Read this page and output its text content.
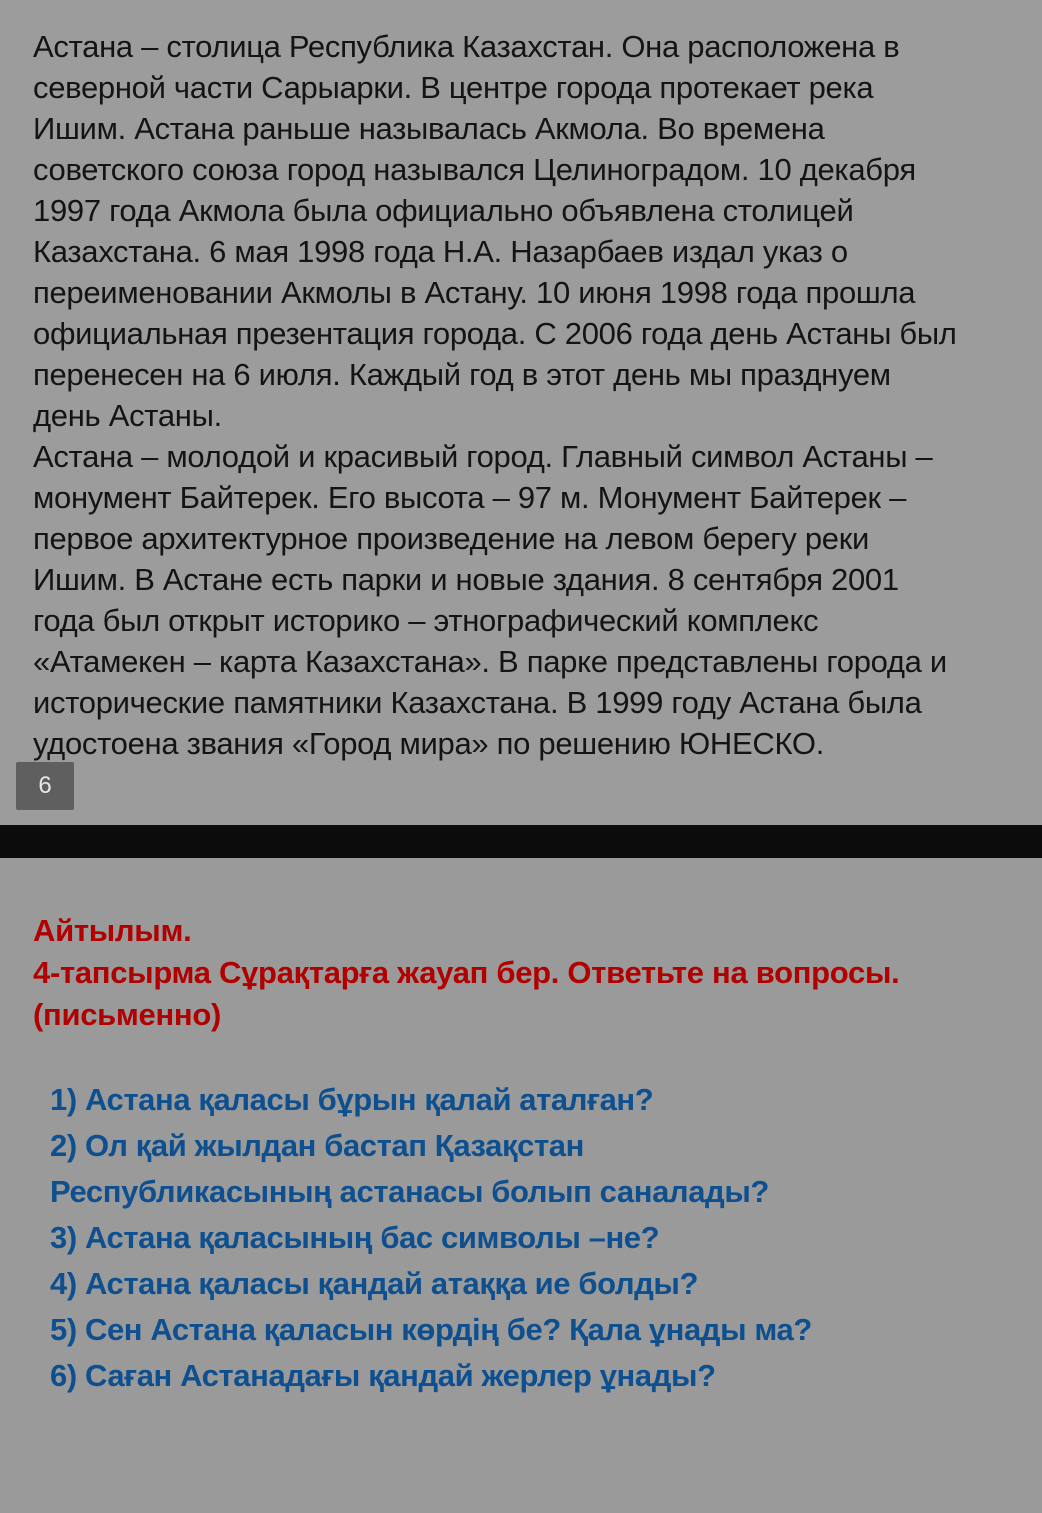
Астана – столица Республика Казахстан. Она расположена в
северной части Сарыарки. В центре города протекает река
Ишим. Астана раньше называлась Акмола. Во времена
советского союза город назывался Целиноградом. 10 декабря
1997 года Акмола была официально объявлена столицей
Казахстана. 6 мая 1998 года Н.А. Назарбаев издал указ о
переименовании Акмолы в Астану. 10 июня 1998 года прошла
официальная презентация города. С 2006 года день Астаны был
перенесен на 6 июля. Каждый год в этот день мы празднуем
день Астаны.
Астана – молодой и красивый город. Главный символ Астаны –
монумент Байтерек. Его высота – 97 м. Монумент Байтерек –
первое архитектурное произведение на левом берегу реки
Ишим. В Астане есть парки и новые здания. 8 сентября 2001
года был открыт историко – этнографический комплекс
«Атамекен – карта Казахстана». В парке представлены города и
исторические памятники Казахстана. В 1999 году Астана была
удостоена звания «Город мира» по решению ЮНЕСКО.
6
Айтылым.
4-тапсырма Сұрақтарға жауап бер. Ответьте на вопросы.
(письменно)
1) Астана қаласы бұрын қалай аталған?
2) Ол қай жылдан бастап Қазақстан
Республикасының астанасы болып саналады?
3) Астана қаласының бас символы –не?
4) Астана қаласы қандай атаққа ие болды?
5) Сен Астана қаласын көрдің бе? Қала ұнады ма?
6) Саған Астанадағы қандай жерлер ұнады?
